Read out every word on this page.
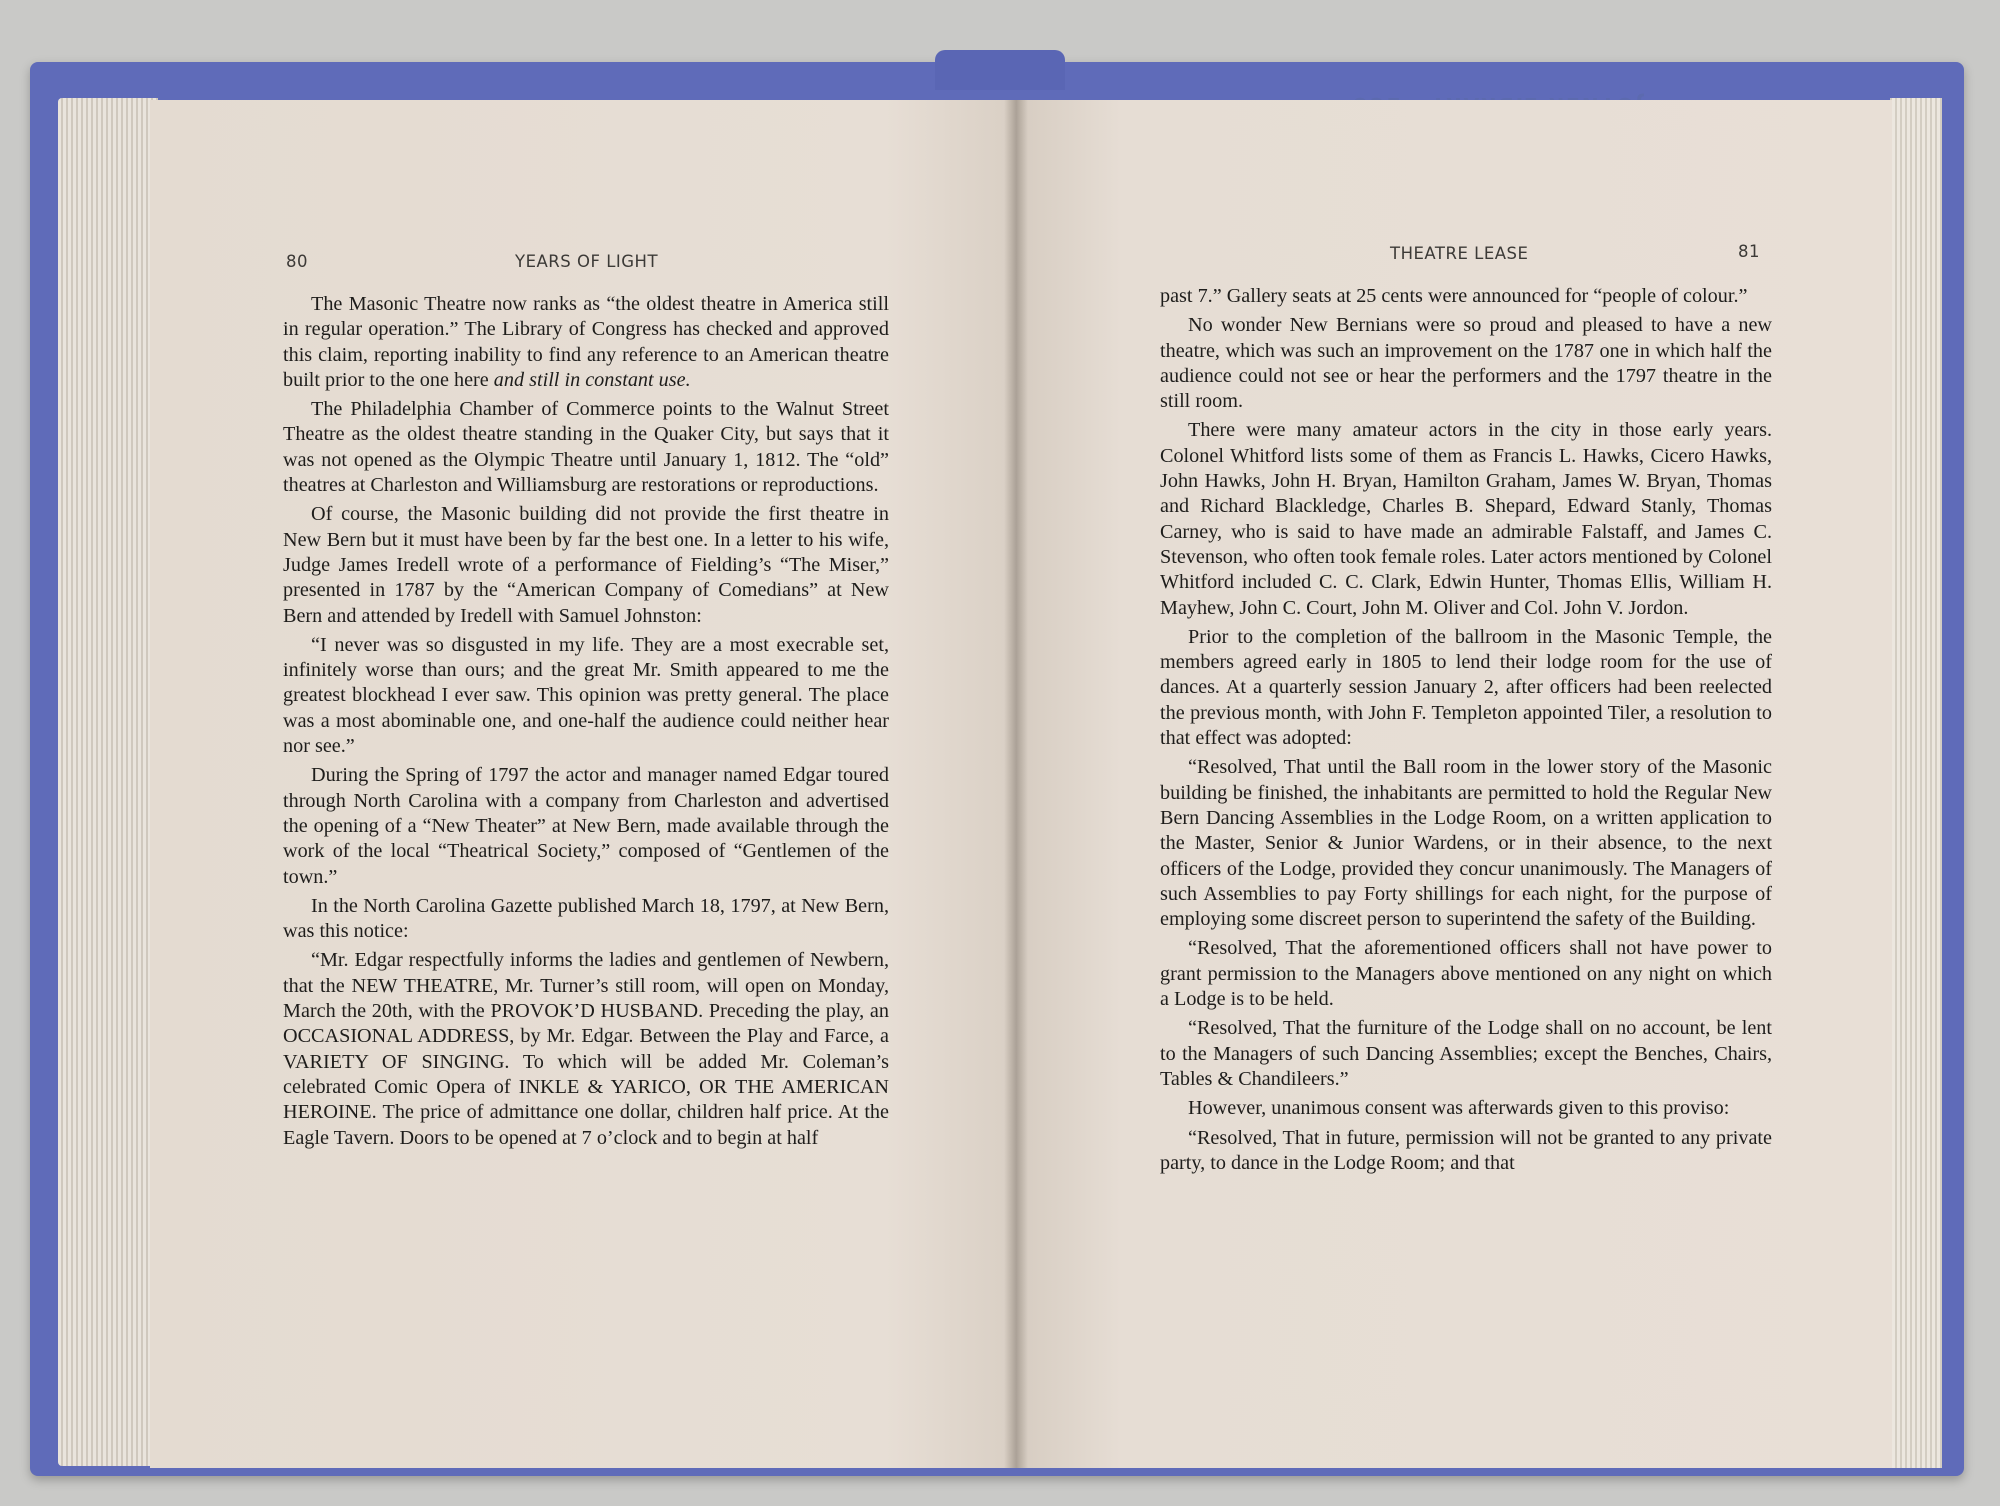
80	YEARS OF LIGHT	THEATRE LEASE	81

The Masonic Theatre now ranks as “the oldest theatre in America still in regular operation.” The Library of Congress has checked and approved this claim, reporting inability to find any reference to an American theatre built prior to the one here and still in constant use.

The Philadelphia Chamber of Commerce points to the Walnut Street Theatre as the oldest theatre standing in the Quaker City, but says that it was not opened as the Olympic Theatre until January 1, 1812. The “old” theatres at Charleston and Williamsburg are restorations or reproductions.

Of course, the Masonic building did not provide the first theatre in New Bern but it must have been by far the best one. In a letter to his wife, Judge James Iredell wrote of a performance of Fielding’s “The Miser,” presented in 1787 by the “American Company of Comedians” at New Bern and attended by Iredell with Samuel Johnston:

“I never was so disgusted in my life. They are a most execrable set, infinitely worse than ours; and the great Mr. Smith appeared to me the greatest blockhead I ever saw. This opinion was pretty general. The place was a most abominable one, and one-half the audience could neither hear nor see.”

During the Spring of 1797 the actor and manager named Edgar toured through North Carolina with a company from Charleston and advertised the opening of a “New Theater” at New Bern, made available through the work of the local “Theatrical Society,” composed of “Gentlemen of the town.”

In the North Carolina Gazette published March 18, 1797, at New Bern, was this notice:

“Mr. Edgar respectfully informs the ladies and gentlemen of Newbern, that the NEW THEATRE, Mr. Turner’s still room, will open on Monday, March the 20th, with the PROVOK’D HUSBAND. Preceding the play, an OCCASIONAL ADDRESS, by Mr. Edgar. Between the Play and Farce, a VARIETY OF SINGING. To which will be added Mr. Coleman’s celebrated Comic Opera of INKLE & YARICO, OR THE AMERICAN HEROINE. The price of admittance one dollar, children half price. At the Eagle Tavern. Doors to be opened at 7 o’clock and to begin at half

past 7.” Gallery seats at 25 cents were announced for “people of colour.”

No wonder New Bernians were so proud and pleased to have a new theatre, which was such an improvement on the 1787 one in which half the audience could not see or hear the performers and the 1797 theatre in the still room.

There were many amateur actors in the city in those early years. Colonel Whitford lists some of them as Francis L. Hawks, Cicero Hawks, John Hawks, John H. Bryan, Hamilton Graham, James W. Bryan, Thomas and Richard Blackledge, Charles B. Shepard, Edward Stanly, Thomas Carney, who is said to have made an admirable Falstaff, and James C. Stevenson, who often took female roles. Later actors mentioned by Colonel Whitford included C. C. Clark, Edwin Hunter, Thomas Ellis, William H. Mayhew, John C. Court, John M. Oliver and Col. John V. Jordon.

Prior to the completion of the ballroom in the Masonic Temple, the members agreed early in 1805 to lend their lodge room for the use of dances. At a quarterly session January 2, after officers had been reelected the previous month, with John F. Templeton appointed Tiler, a resolution to that effect was adopted:

“Resolved, That until the Ball room in the lower story of the Masonic building be finished, the inhabitants are permitted to hold the Regular New Bern Dancing Assemblies in the Lodge Room, on a written application to the Master, Senior & Junior Wardens, or in their absence, to the next officers of the Lodge, provided they concur unanimously. The Managers of such Assemblies to pay Forty shillings for each night, for the purpose of employing some discreet person to superintend the safety of the Building.

“Resolved, That the aforementioned officers shall not have power to grant permission to the Managers above mentioned on any night on which a Lodge is to be held.

“Resolved, That the furniture of the Lodge shall on no account, be lent to the Managers of such Dancing Assemblies; except the Benches, Chairs, Tables & Chandileers.”

However, unanimous consent was afterwards given to this proviso:

“Resolved, That in future, permission will not be granted to any private party, to dance in the Lodge Room; and that
